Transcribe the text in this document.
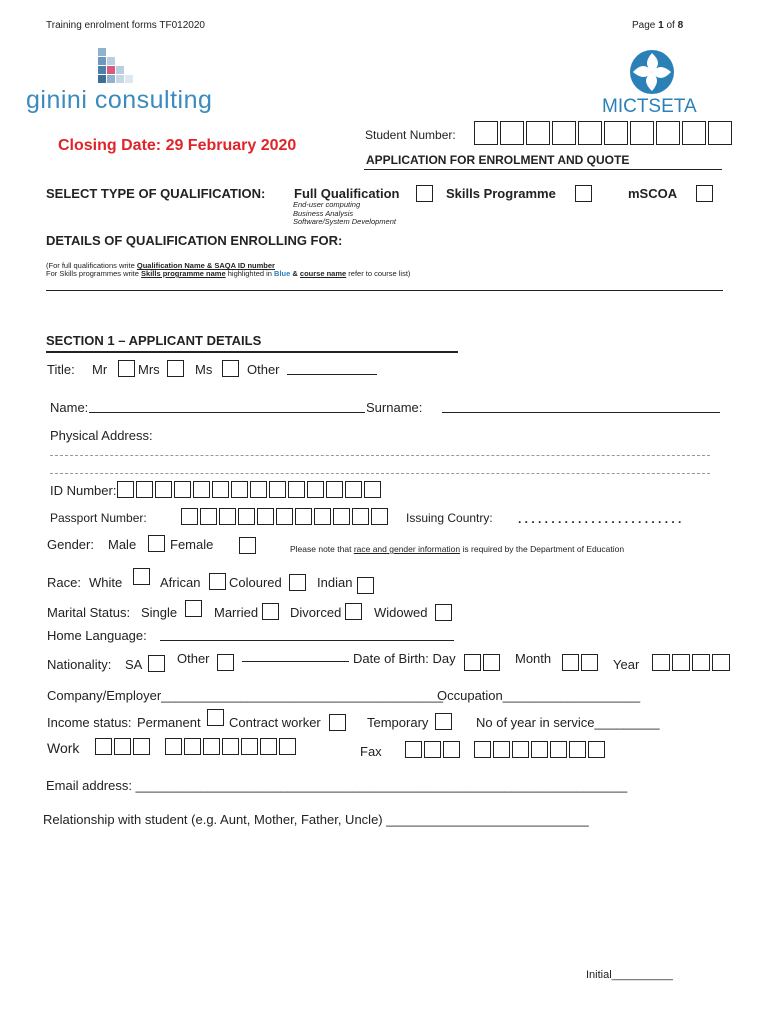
Training enrolment forms TF012020	Page 1 of 8
ginini consulting	MICTSETA
Closing Date: 29 February 2020
Student Number:
APPLICATION FOR ENROLMENT AND QUOTE
SELECT TYPE OF QUALIFICATION: Full Qualification	Skills Programme	mSCOA
End-user computing
Business Analysis
Software/System Development
DETAILS OF QUALIFICATION ENROLLING FOR:
(For full qualifications write Qualification Name & SAQA ID number
For Skills programmes write Skills programme name highlighted in Blue & course name refer to course list)
SECTION 1 – APPLICANT DETAILS
Title: Mr Mrs	Ms	Other
Name:	Surname:
Physical Address:
ID Number:
Passport Number:	Issuing Country: . . . . . . . . . . . . . . . . . . . . . . . . .
Gender: Male	Female	Please note that race and gender information is required by the Department of Education
Race: White	African Coloured	Indian
Marital Status: Single	Married Divorced	Widowed
Home Language:
Nationality: SA	Other	Date of Birth: Day	Month	Year
Company/Employer_______________________________________
Occupation___________________
Income status: Permanent Contract worker	Temporary	No of year in service_________
Work	Fax
Email address: ____________________________________________________________________
Relationship with student (e.g. Aunt, Mother, Father, Uncle) ____________________________
Initial__________
